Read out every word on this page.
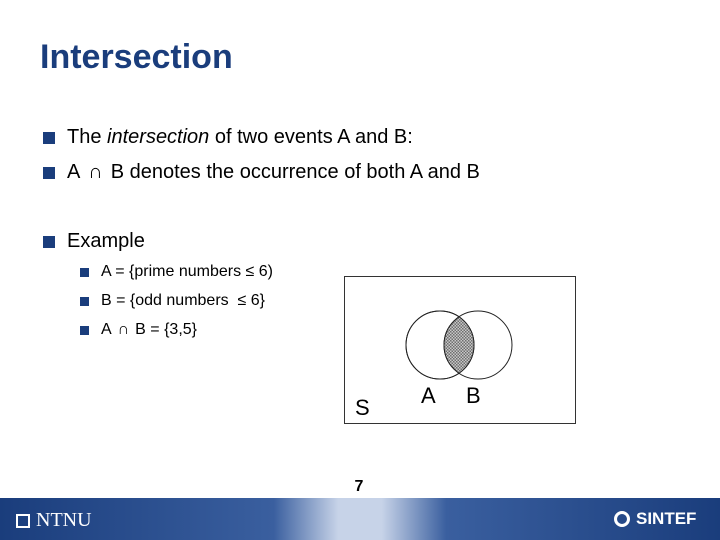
Intersection
The intersection of two events A and B:
A ∩ B denotes the occurrence of both A and B
Example
A = {prime numbers ≤ 6)
B = {odd numbers  ≤ 6}
A ∩ B = {3,5}
S A B
7
NTNU	SINTEF
